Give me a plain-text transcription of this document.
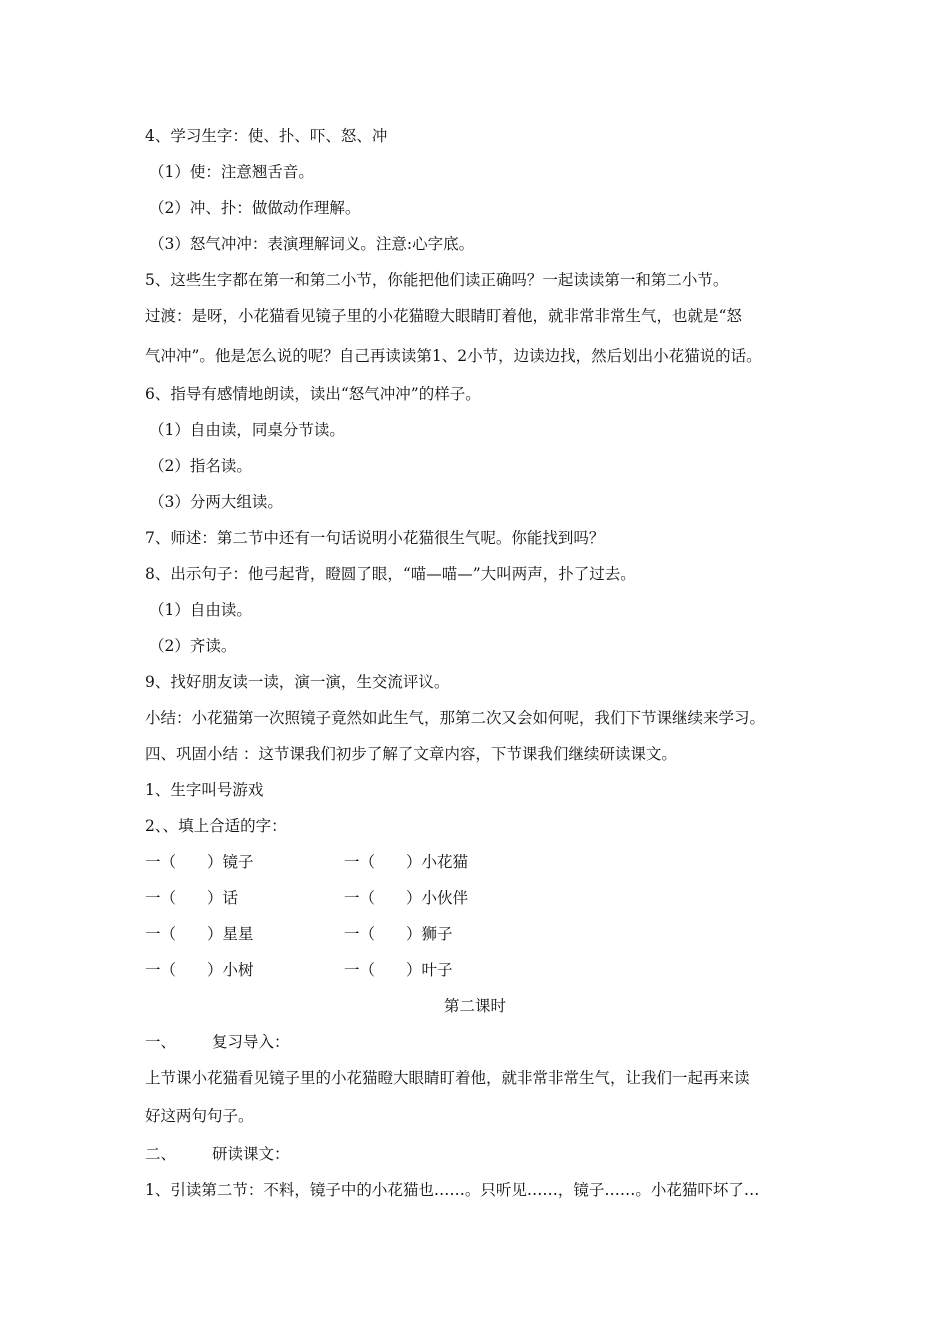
4、学习生字：使、扑、吓、怒、冲
（1）使：注意翘舌音。
（2）冲、扑：做做动作理解。
（3）怒气冲冲：表演理解词义。注意:心字底。
5、这些生字都在第一和第二小节，你能把他们读正确吗？一起读读第一和第二小节。
过渡：是呀，小花猫看见镜子里的小花猫瞪大眼睛盯着他，就非常非常生气，也就是“怒
气冲冲”。他是怎么说的呢？自己再读读第1、2小节，边读边找，然后划出小花猫说的话。
6、指导有感情地朗读，读出“怒气冲冲”的样子。
（1）自由读，同桌分节读。
（2）指名读。
（3）分两大组读。
7、师述：第二节中还有一句话说明小花猫很生气呢。你能找到吗？
8、出示句子：他弓起背，瞪圆了眼，“喵—喵—”大叫两声，扑了过去。
（1）自由读。
（2）齐读。
9、找好朋友读一读，演一演，生交流评议。
小结：小花猫第一次照镜子竟然如此生气，那第二次又会如何呢，我们下节课继续来学习。
四、巩固小结 ：这节课我们初步了解了文章内容，下节课我们继续研读课文。
1、生字叫号游戏
2、、填上合适的字：
一（　　）镜子	一（　　）小花猫
一（　　）话	一（　　）小伙伴
一（　　）星星	一（　　）狮子
一（　　）小树	一（　　）叶子
第二课时
一、 复习导入：
上节课小花猫看见镜子里的小花猫瞪大眼睛盯着他，就非常非常生气，让我们一起再来读
好这两句句子。
二、 研读课文：
1、引读第二节：不料，镜子中的小花猫也……。只听见……，镜子……。小花猫吓坏了…
